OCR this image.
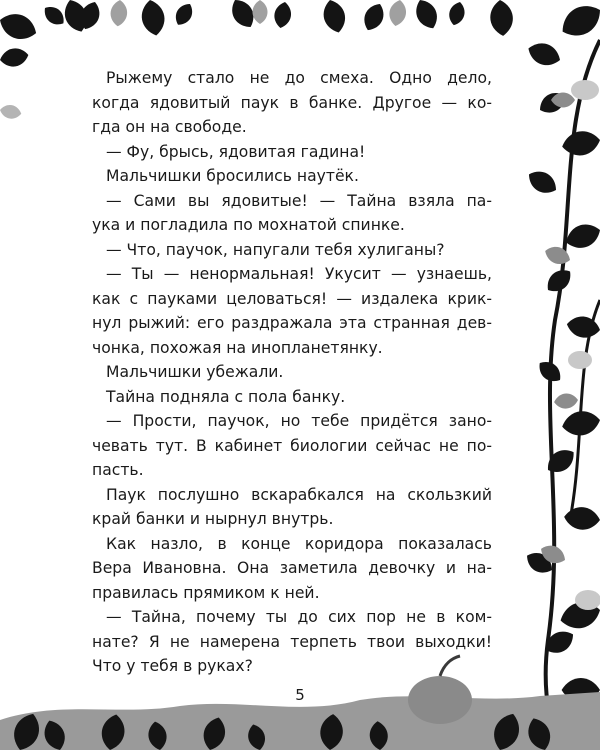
Рыжему стало не до смеха. Одно дело,
когда ядовитый паук в банке. Другое — ко-
гда он на свободе.
— Фу, брысь, ядовитая гадина!
Мальчишки бросились наутёк.
— Сами вы ядовитые! — Тайна взяла па-
ука и погладила по мохнатой спинке.
— Что, паучок, напугали тебя хулиганы?
— Ты — ненормальная! Укусит — узнаешь,
как с пауками целоваться! — издалека крик-
нул рыжий: его раздражала эта странная дев-
чонка, похожая на инопланетянку.
Мальчишки убежали.
Тайна подняла с пола банку.
— Прости, паучок, но тебе придётся зано-
чевать тут. В кабинет биологии сейчас не по-
пасть.
Паук послушно вскарабкался на скользкий
край банки и нырнул внутрь.
Как назло, в конце коридора показалась
Вера Ивановна. Она заметила девочку и на-
правилась прямиком к ней.
— Тайна, почему ты до сих пор не в ком-
нате? Я не намерена терпеть твои выходки!
Что у тебя в руках?
5
